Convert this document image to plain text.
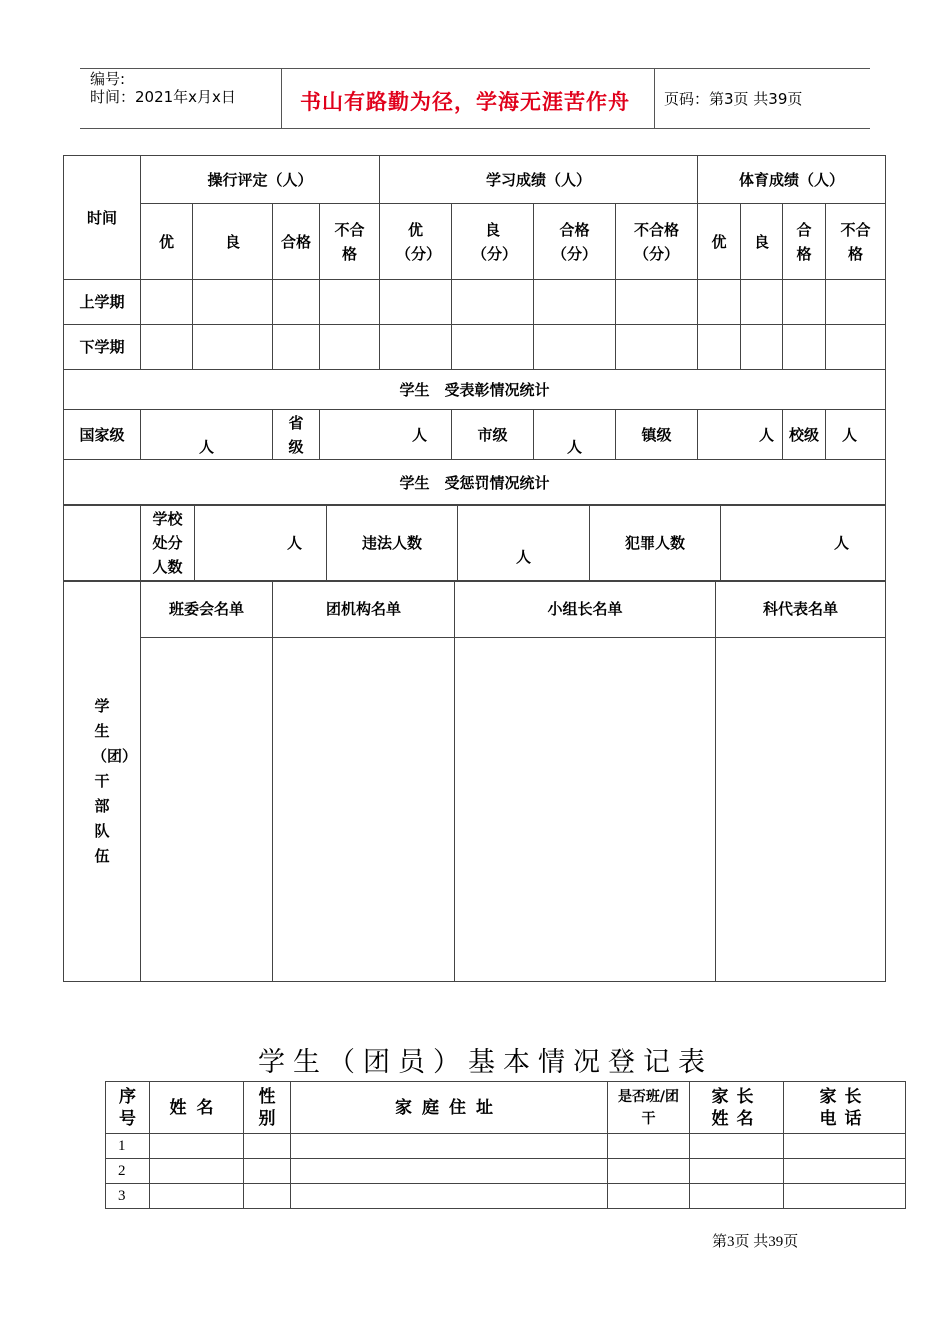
编号:
时间：2021年x月x日	书山有路勤为径，学海无涯苦作舟 页码：第3页 共39页
时间	操行评定（人）				学习成绩（人）				体育成绩（人）			
	优	良	合格	不合格	优（分）	良（分）	合格（分）	不合格（分）	优	良	合格	不合格
上学期												
下学期												
学生　受表彰情况统计												
国家级	人		省级	人		市级	人	镇级	人		校级	人
学生　受惩罚情况统计												
	学校处分人数	人	违法人数	人	犯罪人数	人
学生（团）干部队伍	班委会名单	团机构名单	小组长名单	科代表名单

学生（团员）基本情况登记表
序号	姓名	性别	家庭住址	是否班/团干	家长姓名	家长电话
1						
2						
3						
第3页 共39页
